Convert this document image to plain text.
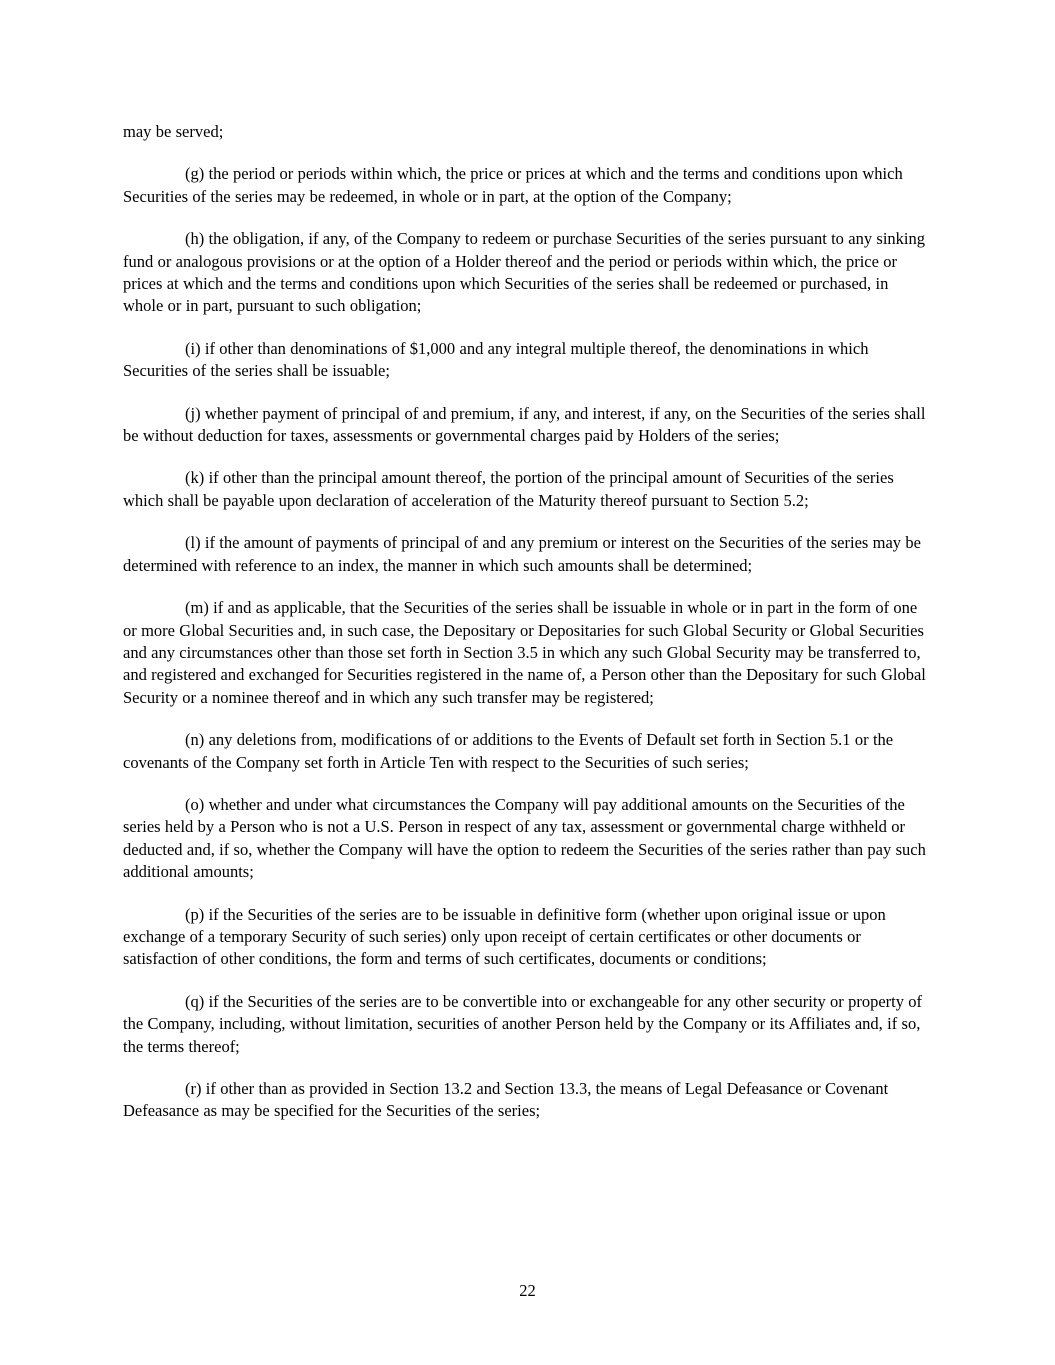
may be served;

(g) the period or periods within which, the price or prices at which and the terms and conditions upon which Securities of the series may be redeemed, in whole or in part, at the option of the Company;

(h) the obligation, if any, of the Company to redeem or purchase Securities of the series pursuant to any sinking fund or analogous provisions or at the option of a Holder thereof and the period or periods within which, the price or prices at which and the terms and conditions upon which Securities of the series shall be redeemed or purchased, in whole or in part, pursuant to such obligation;

(i) if other than denominations of $1,000 and any integral multiple thereof, the denominations in which Securities of the series shall be issuable;

(j) whether payment of principal of and premium, if any, and interest, if any, on the Securities of the series shall be without deduction for taxes, assessments or governmental charges paid by Holders of the series;

(k) if other than the principal amount thereof, the portion of the principal amount of Securities of the series which shall be payable upon declaration of acceleration of the Maturity thereof pursuant to Section 5.2;

(l) if the amount of payments of principal of and any premium or interest on the Securities of the series may be determined with reference to an index, the manner in which such amounts shall be determined;

(m) if and as applicable, that the Securities of the series shall be issuable in whole or in part in the form of one or more Global Securities and, in such case, the Depositary or Depositaries for such Global Security or Global Securities and any circumstances other than those set forth in Section 3.5 in which any such Global Security may be transferred to, and registered and exchanged for Securities registered in the name of, a Person other than the Depositary for such Global Security or a nominee thereof and in which any such transfer may be registered;

(n) any deletions from, modifications of or additions to the Events of Default set forth in Section 5.1 or the covenants of the Company set forth in Article Ten with respect to the Securities of such series;

(o) whether and under what circumstances the Company will pay additional amounts on the Securities of the series held by a Person who is not a U.S. Person in respect of any tax, assessment or governmental charge withheld or deducted and, if so, whether the Company will have the option to redeem the Securities of the series rather than pay such additional amounts;

(p) if the Securities of the series are to be issuable in definitive form (whether upon original issue or upon exchange of a temporary Security of such series) only upon receipt of certain certificates or other documents or satisfaction of other conditions, the form and terms of such certificates, documents or conditions;

(q) if the Securities of the series are to be convertible into or exchangeable for any other security or property of the Company, including, without limitation, securities of another Person held by the Company or its Affiliates and, if so, the terms thereof;

(r) if other than as provided in Section 13.2 and Section 13.3, the means of Legal Defeasance or Covenant Defeasance as may be specified for the Securities of the series;

22
